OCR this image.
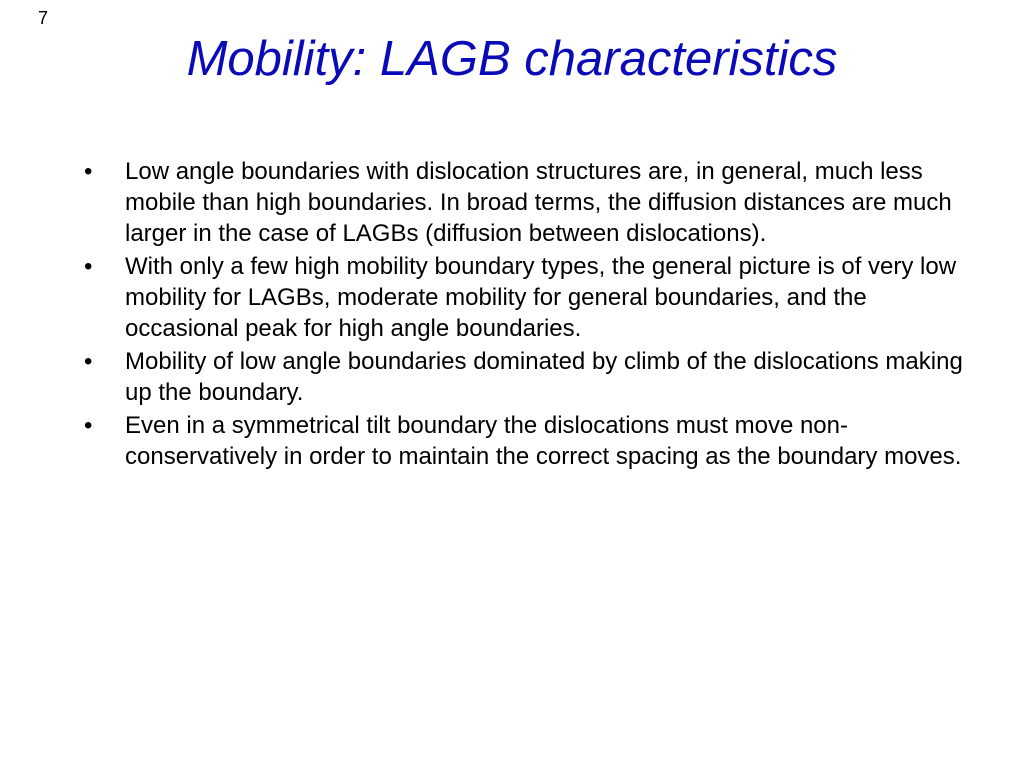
7
Mobility: LAGB characteristics
•	Low angle boundaries with dislocation structures are, in general, much less mobile than high boundaries. In broad terms, the diffusion distances are much larger in the case of LAGBs (diffusion between dislocations).
•	With only a few high mobility boundary types, the general picture is of very low mobility for LAGBs, moderate mobility for general boundaries, and the occasional peak for high angle boundaries.
•	Mobility of low angle boundaries dominated by climb of the dislocations making up the boundary.
•	Even in a symmetrical tilt boundary the dislocations must move non-conservatively in order to maintain the correct spacing as the boundary moves.
